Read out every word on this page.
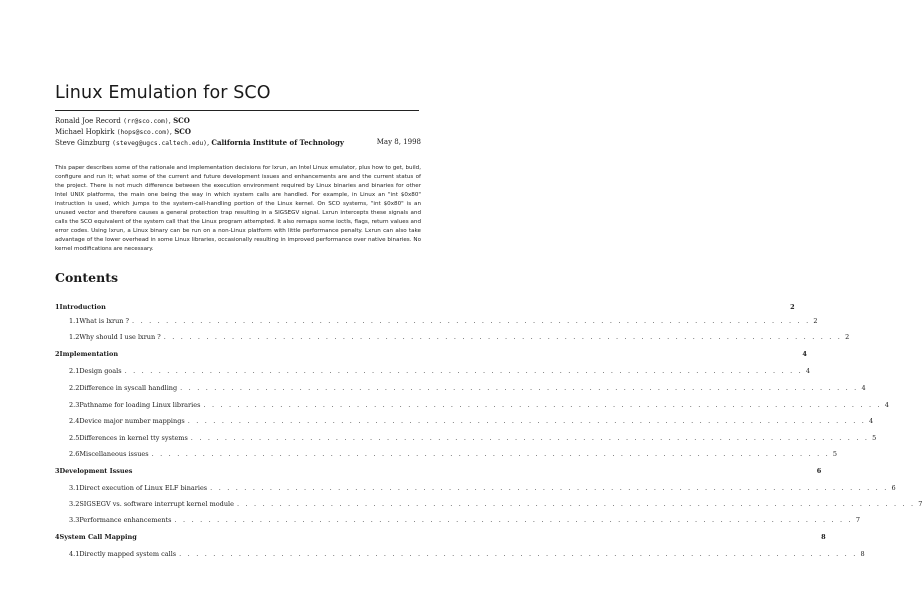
Linux Emulation for SCO
Ronald Joe Record (rr@sco.com), SCO
Michael Hopkirk (hops@sco.com), SCO
Steve Ginzburg (steveg@ugcs.caltech.edu), California Institute of Technology	May 8, 1998
This paper describes some of the rationale and implementation decisions for lxrun, an Intel Linux emulator, plus how to get, build, configure and run it; what some of the current and future development issues and enhancements are and the current status of the project. There is not much difference between the execution environment required by Linux binaries and binaries for other Intel UNIX platforms, the main one being the way in which system calls are handled. For example, in Linux an "int $0x80" instruction is used, which jumps to the system-call-handling portion of the Linux kernel. On SCO systems, "int $0x80" is an unused vector and therefore causes a general protection trap resulting in a SIGSEGV signal. Lxrun intercepts these signals and calls the SCO equivalent of the system call that the Linux program attempted. It also remaps some ioctls, flags, return values and error codes. Using lxrun, a Linux binary can be run on a non-Linux platform with little performance penalty. Lxrun can also take advantage of the lower overhead in some Linux libraries, occasionally resulting in improved performance over native binaries. No kernel modifications are necessary.
Contents
1 Introduction	2
1.1 What is lxrun ? . . . . . . . . . . . . . . . . . . . . . . . . . . . . . . . . . . . . . . . . . . . . . . . . . . . . . . . . . . . . . . . . . . . . . . . . . . . . . . . . 2
1.2 Why should I use lxrun ? . . . . . . . . . . . . . . . . . . . . . . . . . . . . . . . . . . . . . . . . . . . . . . . . . . . . . . . . . . . . . . . . . . . . . . . . . . . . . . . . 2
2 Implementation	4
2.1 Design goals . . . . . . . . . . . . . . . . . . . . . . . . . . . . . . . . . . . . . . . . . . . . . . . . . . . . . . . . . . . . . . . . . . . . . . . . . . . . . . . . 4
2.2 Difference in syscall handling . . . . . . . . . . . . . . . . . . . . . . . . . . . . . . . . . . . . . . . . . . . . . . . . . . . . . . . . . . . . . . . . . . . . . . . . . . . . . . . . 4
2.3 Pathname for loading Linux libraries . . . . . . . . . . . . . . . . . . . . . . . . . . . . . . . . . . . . . . . . . . . . . . . . . . . . . . . . . . . . . . . . . . . . . . . . . . . . . . . . 4
2.4 Device major number mappings . . . . . . . . . . . . . . . . . . . . . . . . . . . . . . . . . . . . . . . . . . . . . . . . . . . . . . . . . . . . . . . . . . . . . . . . . . . . . . . . 4
2.5 Differences in kernel tty systems . . . . . . . . . . . . . . . . . . . . . . . . . . . . . . . . . . . . . . . . . . . . . . . . . . . . . . . . . . . . . . . . . . . . . . . . . . . . . . . . 5
2.6 Miscellaneous issues . . . . . . . . . . . . . . . . . . . . . . . . . . . . . . . . . . . . . . . . . . . . . . . . . . . . . . . . . . . . . . . . . . . . . . . . . . . . . . . . 5
3 Development Issues	6
3.1 Direct execution of Linux ELF binaries . . . . . . . . . . . . . . . . . . . . . . . . . . . . . . . . . . . . . . . . . . . . . . . . . . . . . . . . . . . . . . . . . . . . . . . . . . . . . . . . 6
3.2 SIGSEGV vs. software interrupt kernel module . . . . . . . . . . . . . . . . . . . . . . . . . . . . . . . . . . . . . . . . . . . . . . . . . . . . . . . . . . . . . . . . . . . . . . . . . . . . . . . . 7
3.3 Performance enhancements . . . . . . . . . . . . . . . . . . . . . . . . . . . . . . . . . . . . . . . . . . . . . . . . . . . . . . . . . . . . . . . . . . . . . . . . . . . . . . . . 7
4 System Call Mapping	8
4.1 Directly mapped system calls . . . . . . . . . . . . . . . . . . . . . . . . . . . . . . . . . . . . . . . . . . . . . . . . . . . . . . . . . . . . . . . . . . . . . . . . . . . . . . . . 8
